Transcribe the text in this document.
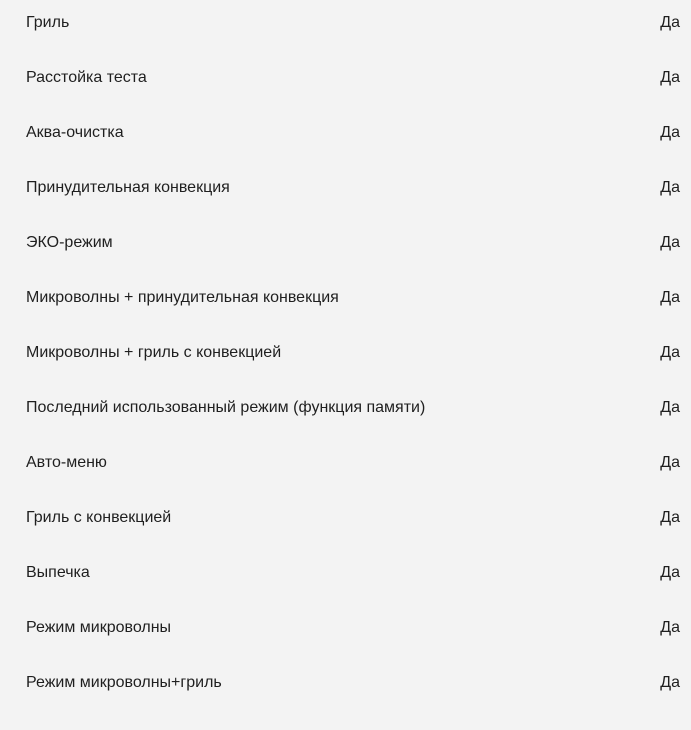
Гриль	Да
Расстойка теста	Да
Аква-очистка	Да
Принудительная конвекция	Да
ЭКО-режим	Да
Микроволны + принудительная конвекция	Да
Микроволны + гриль с конвекцией	Да
Последний использованный режим (функция памяти)	Да
Авто-меню	Да
Гриль с конвекцией	Да
Выпечка	Да
Режим микроволны	Да
Режим микроволны+гриль	Да
